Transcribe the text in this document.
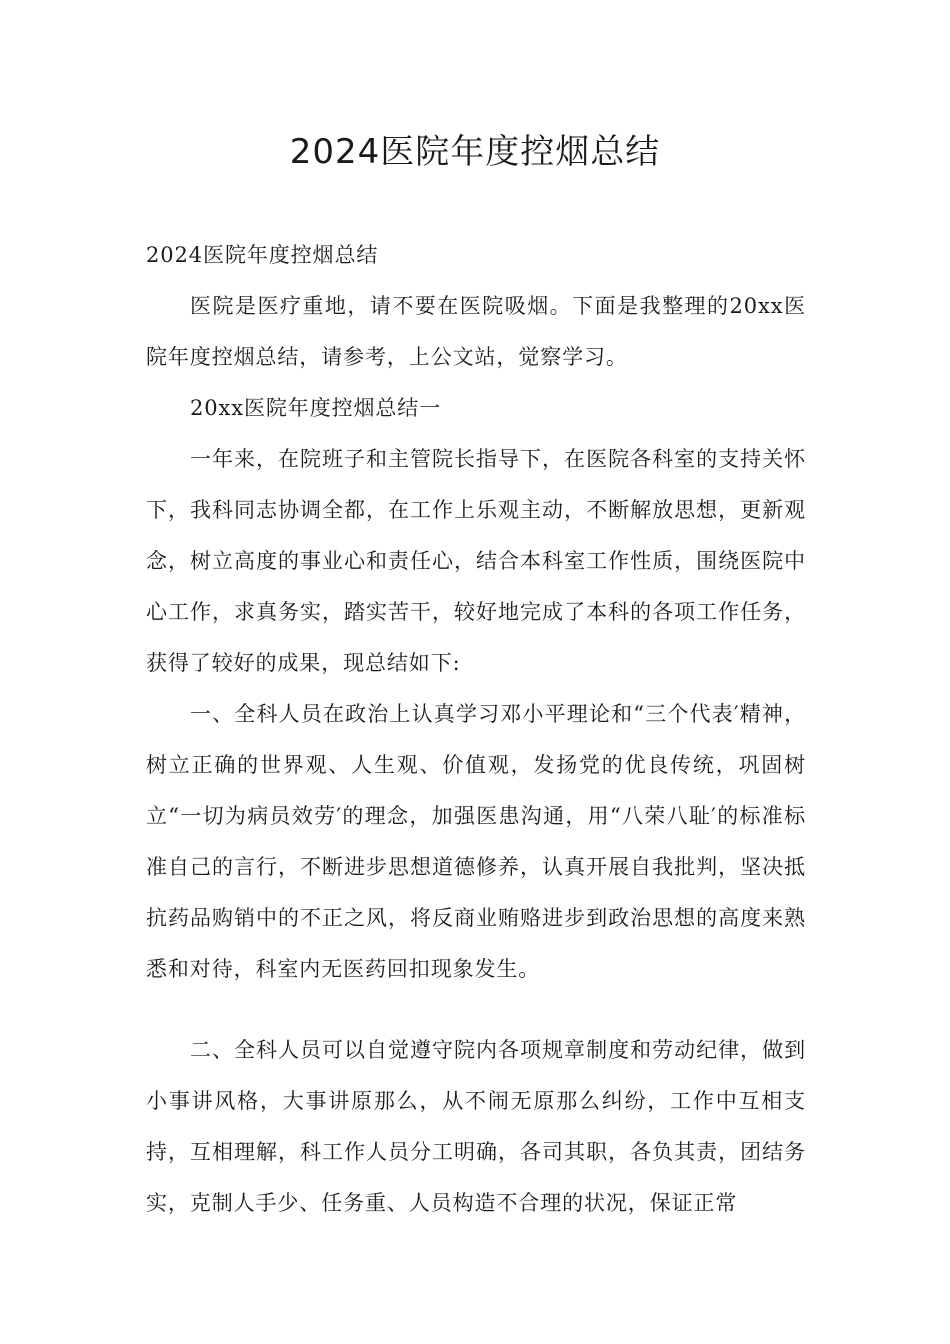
2024医院年度控烟总结

2024医院年度控烟总结

医院是医疗重地，请不要在医院吸烟。下面是我整理的20xx医院年度控烟总结，请参考，上公文站，觉察学习。

20xx医院年度控烟总结一

一年来，在院班子和主管院长指导下，在医院各科室的支持关怀下，我科同志协调全都，在工作上乐观主动，不断解放思想，更新观念，树立高度的事业心和责任心，结合本科室工作性质，围绕医院中心工作，求真务实，踏实苦干，较好地完成了本科的各项工作任务，获得了较好的成果，现总结如下:

一、全科人员在政治上认真学习邓小平理论和“三个代表′精神，树立正确的世界观、人生观、价值观，发扬党的优良传统，巩固树立“一切为病员效劳′的理念，加强医患沟通，用“八荣八耻′的标准标准自己的言行，不断进步思想道德修养，认真开展自我批判，坚决抵抗药品购销中的不正之风，将反商业贿赂进步到政治思想的高度来熟悉和对待，科室内无医药回扣现象发生。

二、全科人员可以自觉遵守院内各项规章制度和劳动纪律，做到小事讲风格，大事讲原那么，从不闹无原那么纠纷，工作中互相支持，互相理解，科工作人员分工明确，各司其职，各负其责，团结务实，克制人手少、任务重、人员构造不合理的状况，保证正常
